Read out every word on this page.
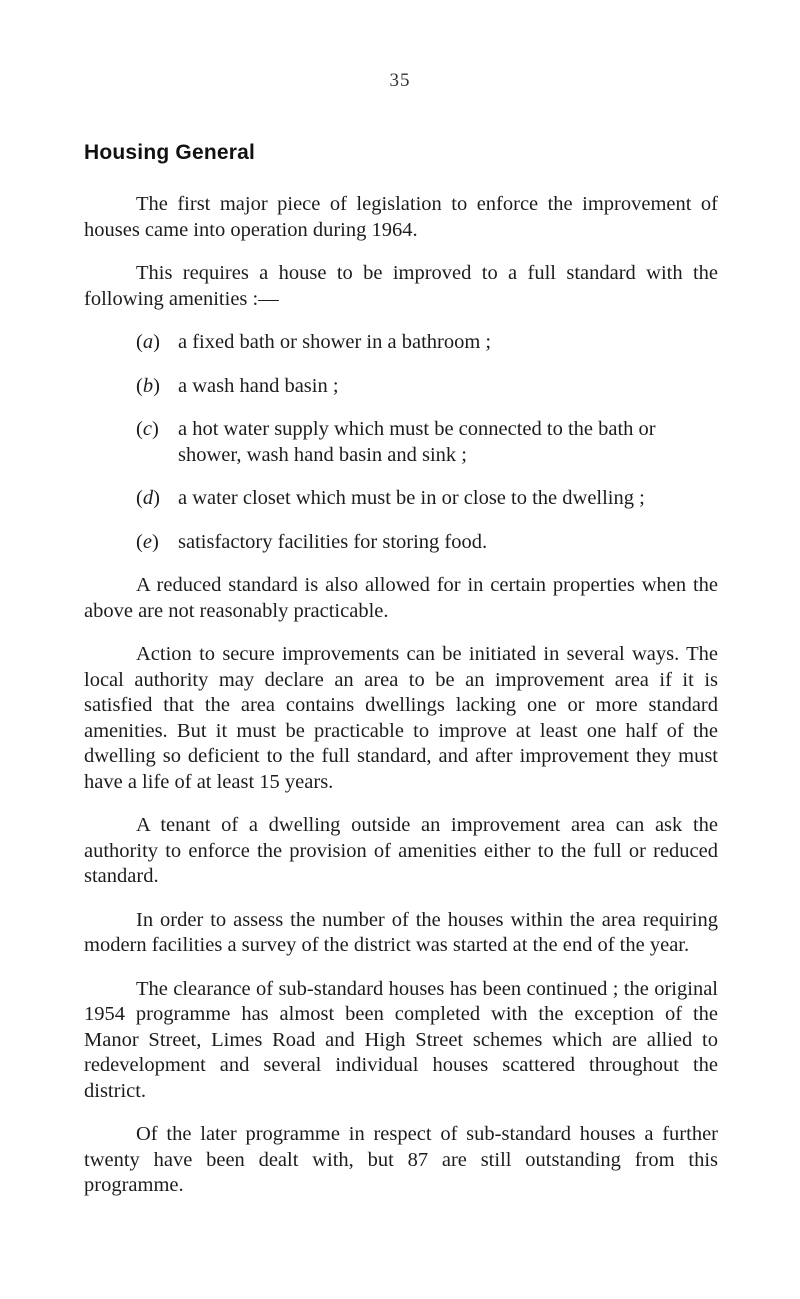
35
Housing General

The first major piece of legislation to enforce the improvement of houses came into operation during 1964.

This requires a house to be improved to a full standard with the following amenities :—

(a) a fixed bath or shower in a bathroom ;
(b) a wash hand basin ;
(c) a hot water supply which must be connected to the bath or shower, wash hand basin and sink ;
(d) a water closet which must be in or close to the dwelling ;
(e) satisfactory facilities for storing food.

A reduced standard is also allowed for in certain properties when the above are not reasonably practicable.

Action to secure improvements can be initiated in several ways. The local authority may declare an area to be an improvement area if it is satisfied that the area contains dwellings lacking one or more standard amenities. But it must be practicable to improve at least one half of the dwelling so deficient to the full standard, and after improvement they must have a life of at least 15 years.

A tenant of a dwelling outside an improvement area can ask the authority to enforce the provision of amenities either to the full or reduced standard.

In order to assess the number of the houses within the area requiring modern facilities a survey of the district was started at the end of the year.

The clearance of sub-standard houses has been continued ; the original 1954 programme has almost been completed with the exception of the Manor Street, Limes Road and High Street schemes which are allied to redevelopment and several individual houses scattered throughout the district.

Of the later programme in respect of sub-standard houses a further twenty have been dealt with, but 87 are still outstanding from this programme.
